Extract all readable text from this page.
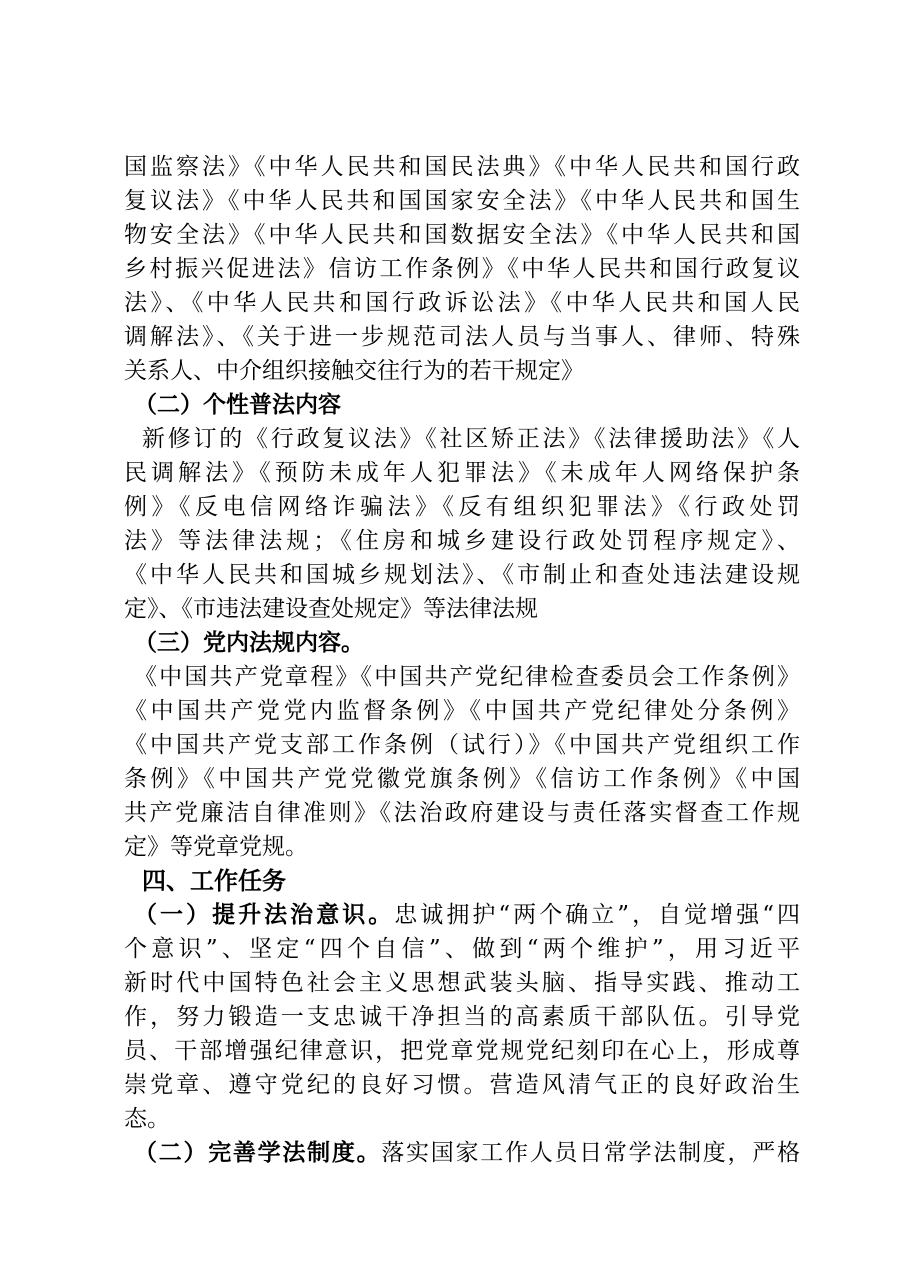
国监察法》《中华人民共和国民法典》《中华人民共和国行政
复议法》《中华人民共和国国家安全法》《中华人民共和国生
物安全法》《中华人民共和国数据安全法》《中华人民共和国
乡村振兴促进法》信访工作条例》《中华人民共和国行政复议
法》、《中华人民共和国行政诉讼法》《中华人民共和国人民
调解法》、《关于进一步规范司法人员与当事人、律师、特殊
关系人、中介组织接触交往行为的若干规定》
（二）个性普法内容
新修订的《行政复议法》《社区矫正法》《法律援助法》《人
民调解法》《预防未成年人犯罪法》《未成年人网络保护条
例》《反电信网络诈骗法》《反有组织犯罪法》《行政处罚
法》等法律法规；《住房和城乡建设行政处罚程序规定》、
《中华人民共和国城乡规划法》、《市制止和查处违法建设规
定》、《市违法建设查处规定》等法律法规
（三）党内法规内容。
《中国共产党章程》《中国共产党纪律检查委员会工作条例》
《中国共产党党内监督条例》《中国共产党纪律处分条例》
《中国共产党支部工作条例（试行）》《中国共产党组织工作
条例》《中国共产党党徽党旗条例》《信访工作条例》《中国
共产党廉洁自律准则》《法治政府建设与责任落实督查工作规
定》等党章党规。
四、工作任务
（一）提升法治意识。忠诚拥护“两个确立”，自觉增强“四
个意识”、坚定“四个自信”、做到“两个维护”，用习近平
新时代中国特色社会主义思想武装头脑、指导实践、推动工
作，努力锻造一支忠诚干净担当的高素质干部队伍。引导党
员、干部增强纪律意识，把党章党规党纪刻印在心上，形成尊
崇党章、遵守党纪的良好习惯。营造风清气正的良好政治生
态。
（二）完善学法制度。落实国家工作人员日常学法制度，严格
